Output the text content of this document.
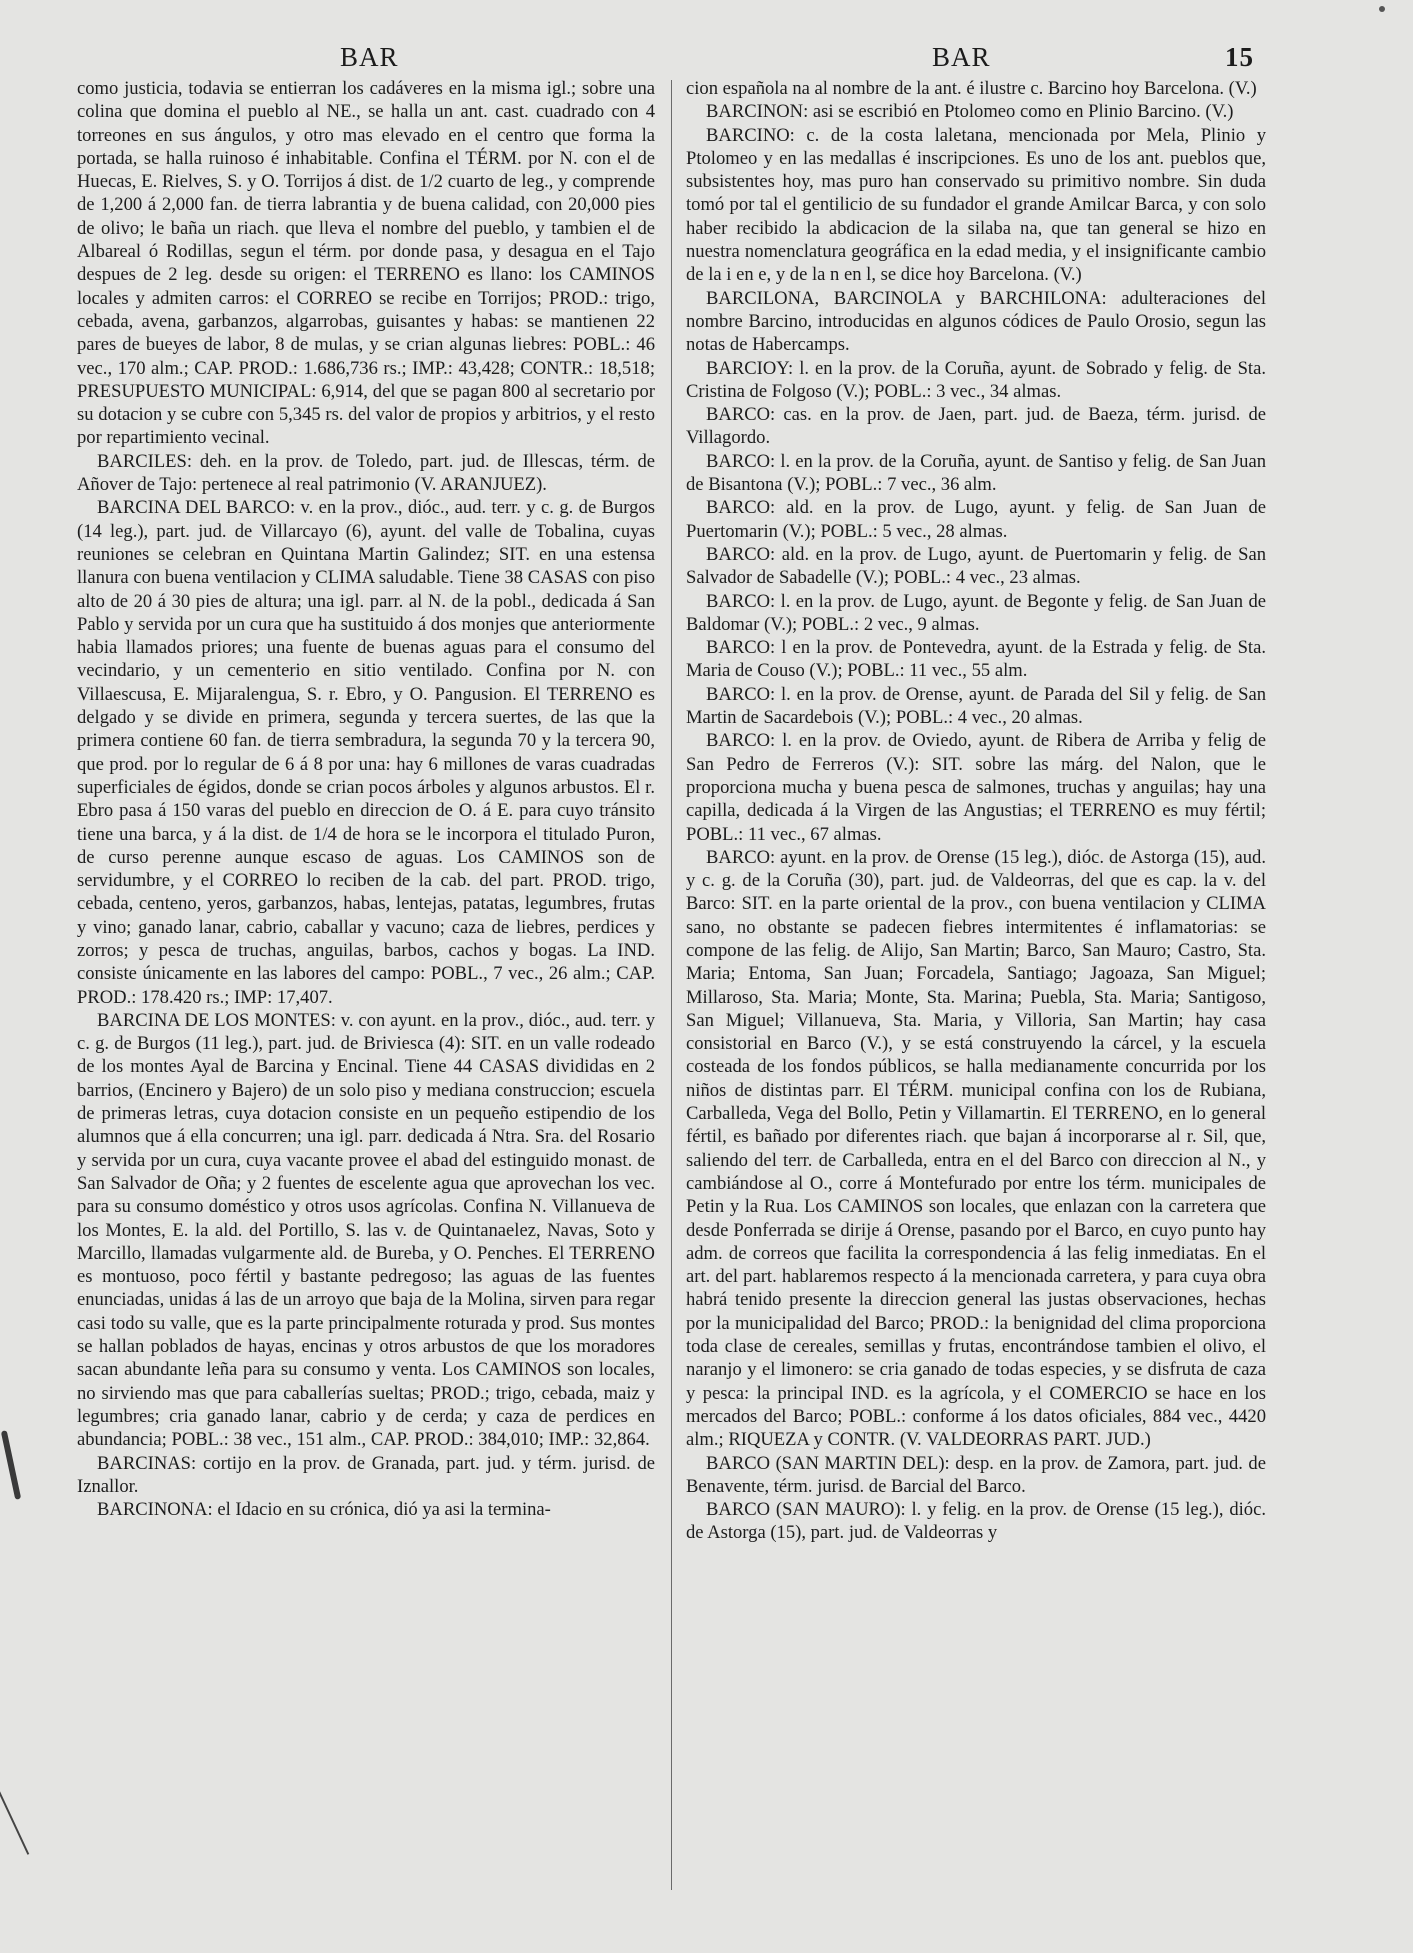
BAR	BAR	15

como justicia, todavia se entierran los cadáveres en la misma igl.; sobre una colina que domina el pueblo al NE., se halla un ant. cast. cuadrado con 4 torreones en sus ángulos, y otro mas elevado en el centro que forma la portada, se halla ruinoso é inhabitable. Confina el TÉRM. por N. con el de Huecas, E. Rielves, S. y O. Torrijos á dist. de 1/2 cuarto de leg., y comprende de 1,200 á 2,000 fan. de tierra labrantia y de buena calidad, con 20,000 pies de olivo; le baña un riach. que lleva el nombre del pueblo, y tambien el de Albareal ó Rodillas, segun el térm. por donde pasa, y desagua en el Tajo despues de 2 leg. desde su origen: el TERRENO es llano: los CAMINOS locales y admiten carros: el CORREO se recibe en Torrijos; PROD.: trigo, cebada, avena, garbanzos, algarrobas, guisantes y habas: se mantienen 22 pares de bueyes de labor, 8 de mulas, y se crian algunas liebres: POBL.: 46 vec., 170 alm.; CAP. PROD.: 1.686,736 rs.; IMP.: 43,428; CONTR.: 18,518; PRESUPUESTO MUNICIPAL: 6,914, del que se pagan 800 al secretario por su dotacion y se cubre con 5,345 rs. del valor de propios y arbitrios, y el resto por repartimiento vecinal.

BARCILES: deh. en la prov. de Toledo, part. jud. de Illescas, térm. de Añover de Tajo: pertenece al real patrimonio (V. ARANJUEZ).

BARCINA DEL BARCO: v. en la prov., dióc., aud. terr. y c. g. de Burgos (14 leg.), part. jud. de Villarcayo (6), ayunt. del valle de Tobalina, cuyas reuniones se celebran en Quintana Martin Galindez; SIT. en una estensa llanura con buena ventilacion y CLIMA saludable. Tiene 38 CASAS con piso alto de 20 á 30 pies de altura; una igl. parr. al N. de la pobl., dedicada á San Pablo y servida por un cura que ha sustituido á dos monjes que anteriormente habia llamados priores; una fuente de buenas aguas para el consumo del vecindario, y un cementerio en sitio ventilado. Confina por N. con Villaescusa, E. Mijaralengua, S. r. Ebro, y O. Pangusion. El TERRENO es delgado y se divide en primera, segunda y tercera suertes, de las que la primera contiene 60 fan. de tierra sembradura, la segunda 70 y la tercera 90, que prod. por lo regular de 6 á 8 por una: hay 6 millones de varas cuadradas superficiales de égidos, donde se crian pocos árboles y algunos arbustos. El r. Ebro pasa á 150 varas del pueblo en direccion de O. á E. para cuyo tránsito tiene una barca, y á la dist. de 1/4 de hora se le incorpora el titulado Puron, de curso perenne aunque escaso de aguas. Los CAMINOS son de servidumbre, y el CORREO lo reciben de la cab. del part. PROD. trigo, cebada, centeno, yeros, garbanzos, habas, lentejas, patatas, legumbres, frutas y vino; ganado lanar, cabrio, caballar y vacuno; caza de liebres, perdices y zorros; y pesca de truchas, anguilas, barbos, cachos y bogas. La IND. consiste únicamente en las labores del campo: POBL., 7 vec., 26 alm.; CAP. PROD.: 178.420 rs.; IMP: 17,407.

BARCINA DE LOS MONTES: v. con ayunt. en la prov., dióc., aud. terr. y c. g. de Burgos (11 leg.), part. jud. de Briviesca (4): SIT. en un valle rodeado de los montes Ayal de Barcina y Encinal. Tiene 44 CASAS divididas en 2 barrios, (Encinero y Bajero) de un solo piso y mediana construccion; escuela de primeras letras, cuya dotacion consiste en un pequeño estipendio de los alumnos que á ella concurren; una igl. parr. dedicada á Ntra. Sra. del Rosario y servida por un cura, cuya vacante provee el abad del estinguido monast. de San Salvador de Oña; y 2 fuentes de escelente agua que aprovechan los vec. para su consumo doméstico y otros usos agrícolas. Confina N. Villanueva de los Montes, E. la ald. del Portillo, S. las v. de Quintanaelez, Navas, Soto y Marcillo, llamadas vulgarmente ald. de Bureba, y O. Penches. El TERRENO es montuoso, poco fértil y bastante pedregoso; las aguas de las fuentes enunciadas, unidas á las de un arroyo que baja de la Molina, sirven para regar casi todo su valle, que es la parte principalmente roturada y prod. Sus montes se hallan poblados de hayas, encinas y otros arbustos de que los moradores sacan abundante leña para su consumo y venta. Los CAMINOS son locales, no sirviendo mas que para caballerías sueltas; PROD.; trigo, cebada, maiz y legumbres; cria ganado lanar, cabrio y de cerda; y caza de perdices en abundancia; POBL.: 38 vec., 151 alm., CAP. PROD.: 384,010; IMP.: 32,864.

BARCINAS: cortijo en la prov. de Granada, part. jud. y térm. jurisd. de Iznallor.

BARCINONA: el Idacio en su crónica, dió ya asi la termina-

cion española na al nombre de la ant. é ilustre c. Barcino hoy Barcelona. (V.)

BARCINON: asi se escribió en Ptolomeo como en Plinio Barcino. (V.)

BARCINO: c. de la costa laletana, mencionada por Mela, Plinio y Ptolomeo y en las medallas é inscripciones. Es uno de los ant. pueblos que, subsistentes hoy, mas puro han conservado su primitivo nombre. Sin duda tomó por tal el gentilicio de su fundador el grande Amilcar Barca, y con solo haber recibido la abdicacion de la silaba na, que tan general se hizo en nuestra nomenclatura geográfica en la edad media, y el insignificante cambio de la i en e, y de la n en l, se dice hoy Barcelona. (V.)

BARCILONA, BARCINOLA y BARCHILONA: adulteraciones del nombre Barcino, introducidas en algunos códices de Paulo Orosio, segun las notas de Habercamps.

BARCIOY: l. en la prov. de la Coruña, ayunt. de Sobrado y felig. de Sta. Cristina de Folgoso (V.); POBL.: 3 vec., 34 almas.

BARCO: cas. en la prov. de Jaen, part. jud. de Baeza, térm. jurisd. de Villagordo.

BARCO: l. en la prov. de la Coruña, ayunt. de Santiso y felig. de San Juan de Bisantona (V.); POBL.: 7 vec., 36 alm.

BARCO: ald. en la prov. de Lugo, ayunt. y felig. de San Juan de Puertomarin (V.); POBL.: 5 vec., 28 almas.

BARCO: ald. en la prov. de Lugo, ayunt. de Puertomarin y felig. de San Salvador de Sabadelle (V.); POBL.: 4 vec., 23 almas.

BARCO: l. en la prov. de Lugo, ayunt. de Begonte y felig. de San Juan de Baldomar (V.); POBL.: 2 vec., 9 almas.

BARCO: l en la prov. de Pontevedra, ayunt. de la Estrada y felig. de Sta. Maria de Couso (V.); POBL.: 11 vec., 55 alm.

BARCO: l. en la prov. de Orense, ayunt. de Parada del Sil y felig. de San Martin de Sacardebois (V.); POBL.: 4 vec., 20 almas.

BARCO: l. en la prov. de Oviedo, ayunt. de Ribera de Arriba y felig de San Pedro de Ferreros (V.): SIT. sobre las márg. del Nalon, que le proporciona mucha y buena pesca de salmones, truchas y anguilas; hay una capilla, dedicada á la Virgen de las Angustias; el TERRENO es muy fértil; POBL.: 11 vec., 67 almas.

BARCO: ayunt. en la prov. de Orense (15 leg.), dióc. de Astorga (15), aud. y c. g. de la Coruña (30), part. jud. de Valdeorras, del que es cap. la v. del Barco: SIT. en la parte oriental de la prov., con buena ventilacion y CLIMA sano, no obstante se padecen fiebres intermitentes é inflamatorias: se compone de las felig. de Alijo, San Martin; Barco, San Mauro; Castro, Sta. Maria; Entoma, San Juan; Forcadela, Santiago; Jagoaza, San Miguel; Millaroso, Sta. Maria; Monte, Sta. Marina; Puebla, Sta. Maria; Santigoso, San Miguel; Villanueva, Sta. Maria, y Villoria, San Martin; hay casa consistorial en Barco (V.), y se está construyendo la cárcel, y la escuela costeada de los fondos públicos, se halla medianamente concurrida por los niños de distintas parr. El TÉRM. municipal confina con los de Rubiana, Carballeda, Vega del Bollo, Petin y Villamartin. El TERRENO, en lo general fértil, es bañado por diferentes riach. que bajan á incorporarse al r. Sil, que, saliendo del terr. de Carballeda, entra en el del Barco con direccion al N., y cambiándose al O., corre á Montefurado por entre los térm. municipales de Petin y la Rua. Los CAMINOS son locales, que enlazan con la carretera que desde Ponferrada se dirije á Orense, pasando por el Barco, en cuyo punto hay adm. de correos que facilita la correspondencia á las felig inmediatas. En el art. del part. hablaremos respecto á la mencionada carretera, y para cuya obra habrá tenido presente la direccion general las justas observaciones, hechas por la municipalidad del Barco; PROD.: la benignidad del clima proporciona toda clase de cereales, semillas y frutas, encontrándose tambien el olivo, el naranjo y el limonero: se cria ganado de todas especies, y se disfruta de caza y pesca: la principal IND. es la agrícola, y el COMERCIO se hace en los mercados del Barco; POBL.: conforme á los datos oficiales, 884 vec., 4420 alm.; RIQUEZA y CONTR. (V. VALDEORRAS PART. JUD.)

BARCO (SAN MARTIN DEL): desp. en la prov. de Zamora, part. jud. de Benavente, térm. jurisd. de Barcial del Barco.

BARCO (SAN MAURO): l. y felig. en la prov. de Orense (15 leg.), dióc. de Astorga (15), part. jud. de Valdeorras y
